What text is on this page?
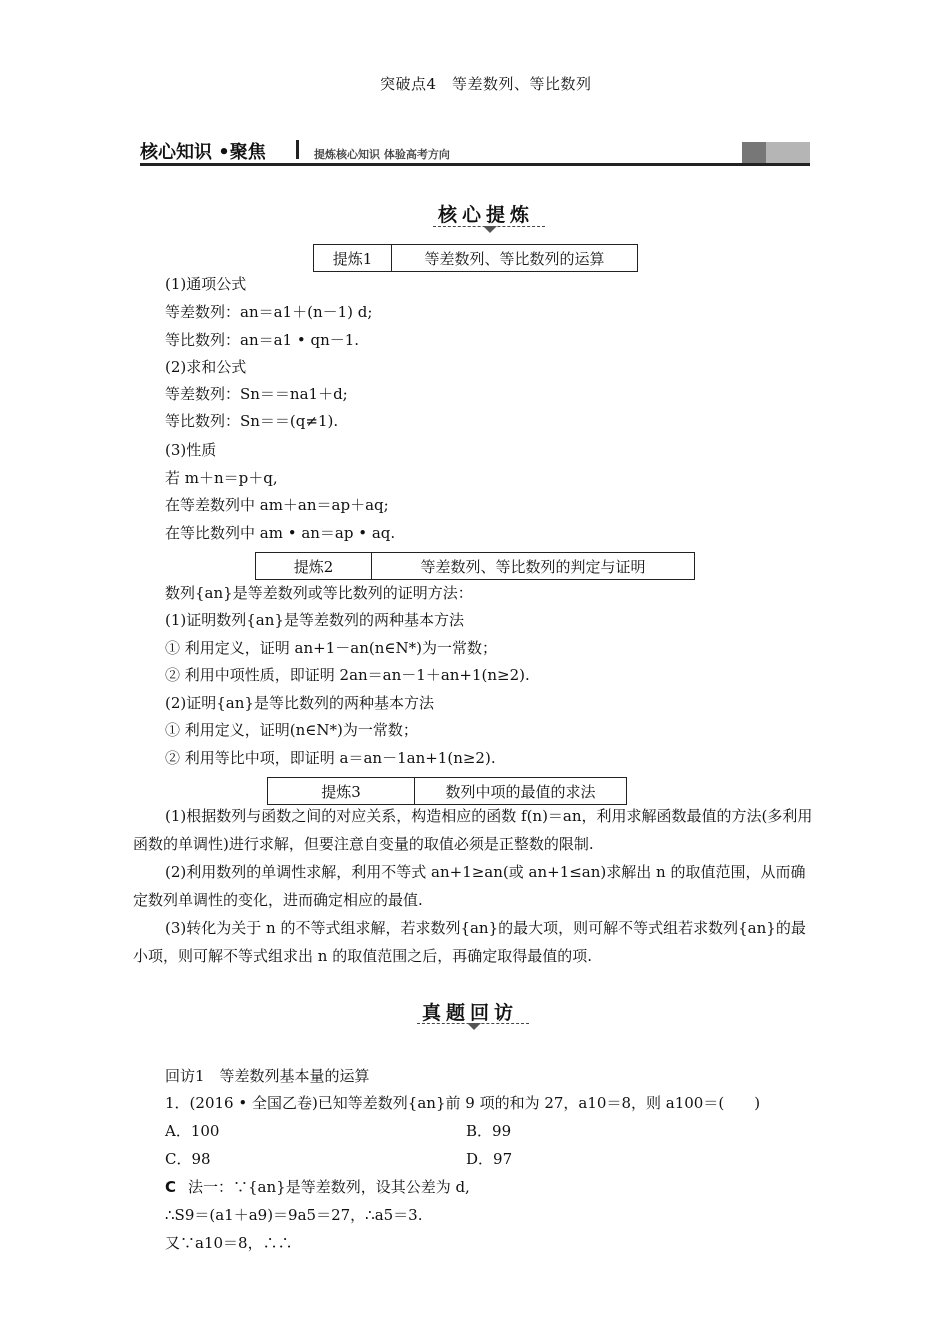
突破点4　等差数列、等比数列
核心知识 •聚焦	提炼核心知识 体验高考方向
核心提炼
提炼1	等差数列、等比数列的运算
(1)通项公式
等差数列：an＝a1＋(n－1) d;
等比数列：an＝a1 • qn－1.
(2)求和公式
等差数列：Sn＝＝na1＋d;
等比数列：Sn＝＝(q≠1).
(3)性质
若 m＋n＝p＋q,
在等差数列中 am＋an＝ap＋aq;
在等比数列中 am • an＝ap • aq.
提炼2	等差数列、等比数列的判定与证明
数列{an}是等差数列或等比数列的证明方法：
(1)证明数列{an}是等差数列的两种基本方法
① 利用定义，证明 an+1－an(n∈N*)为一常数；
② 利用中项性质，即证明 2an＝an－1＋an+1(n≥2).
(2)证明{an}是等比数列的两种基本方法
① 利用定义，证明(n∈N*)为一常数；
② 利用等比中项，即证明 a＝an－1an+1(n≥2).
提炼3	数列中项的最值的求法
(1)根据数列与函数之间的对应关系，构造相应的函数 f(n)＝an，利用求解函数最值的方法(多利用函数的单调性)进行求解，但要注意自变量的取值必须是正整数的限制.
(2)利用数列的单调性求解，利用不等式 an+1≥an(或 an+1≤an)求解出 n 的取值范围，从而确定数列单调性的变化，进而确定相应的最值.
(3)转化为关于 n 的不等式组求解，若求数列{an}的最大项，则可解不等式组若求数列{an}的最小项，则可解不等式组求出 n 的取值范围之后，再确定取得最值的项.
真题回访
回访1　等差数列基本量的运算
1．(2016 • 全国乙卷)已知等差数列{an}前 9 项的和为 27，a10＝8，则 a100＝(　　)
A．100	B．99
C．98	D．97
C 法一：∵{an}是等差数列，设其公差为 d,
∴S9＝(a1＋a9)＝9a5＝27，∴a5＝3.
又∵a10＝8，∴∴
